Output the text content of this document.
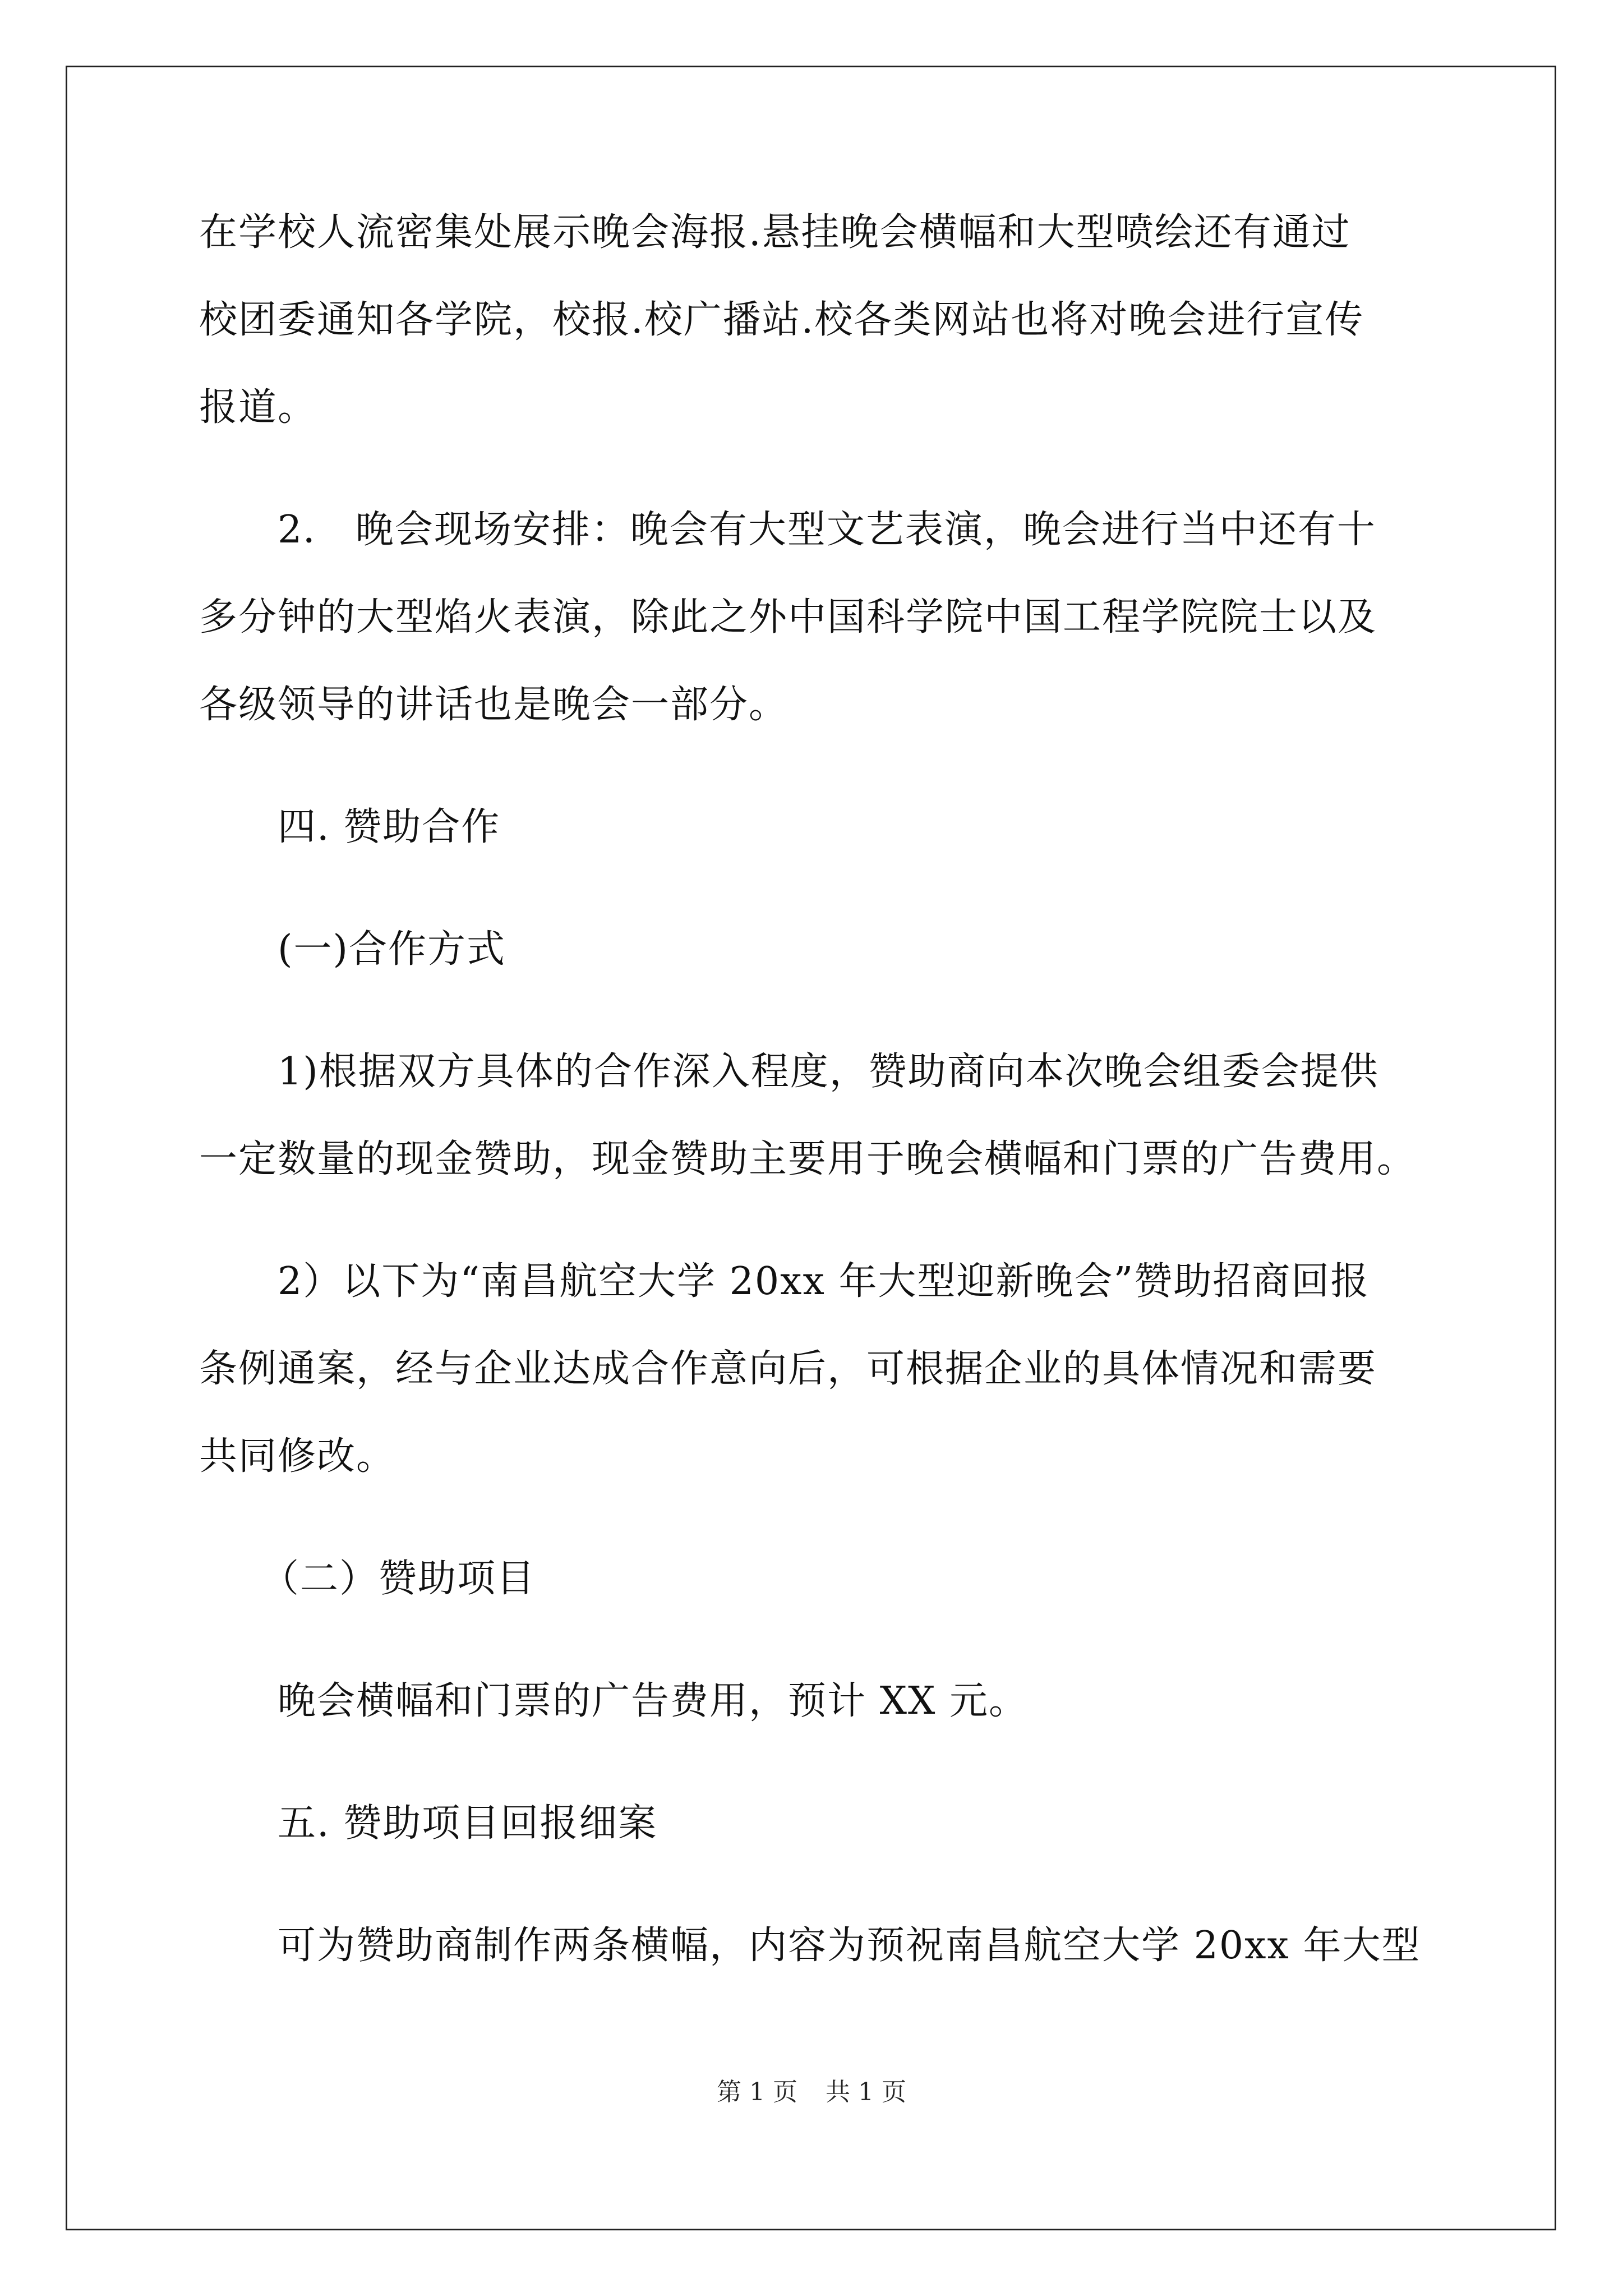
在学校人流密集处展示晚会海报.悬挂晚会横幅和大型喷绘还有通过
校团委通知各学院，校报.校广播站.校各类网站也将对晚会进行宣传
报道。
2． 晚会现场安排：晚会有大型文艺表演，晚会进行当中还有十
多分钟的大型焰火表演，除此之外中国科学院中国工程学院院士以及
各级领导的讲话也是晚会一部分。
四. 赞助合作
(一)合作方式
1)根据双方具体的合作深入程度，赞助商向本次晚会组委会提供
一定数量的现金赞助，现金赞助主要用于晚会横幅和门票的广告费用。
2）以下为“南昌航空大学 20xx 年大型迎新晚会”赞助招商回报
条例通案，经与企业达成合作意向后，可根据企业的具体情况和需要
共同修改。
（二）赞助项目
晚会横幅和门票的广告费用，预计 XX 元。
五. 赞助项目回报细案
可为赞助商制作两条横幅，内容为预祝南昌航空大学 20xx 年大型
第 1 页 共 1 页
